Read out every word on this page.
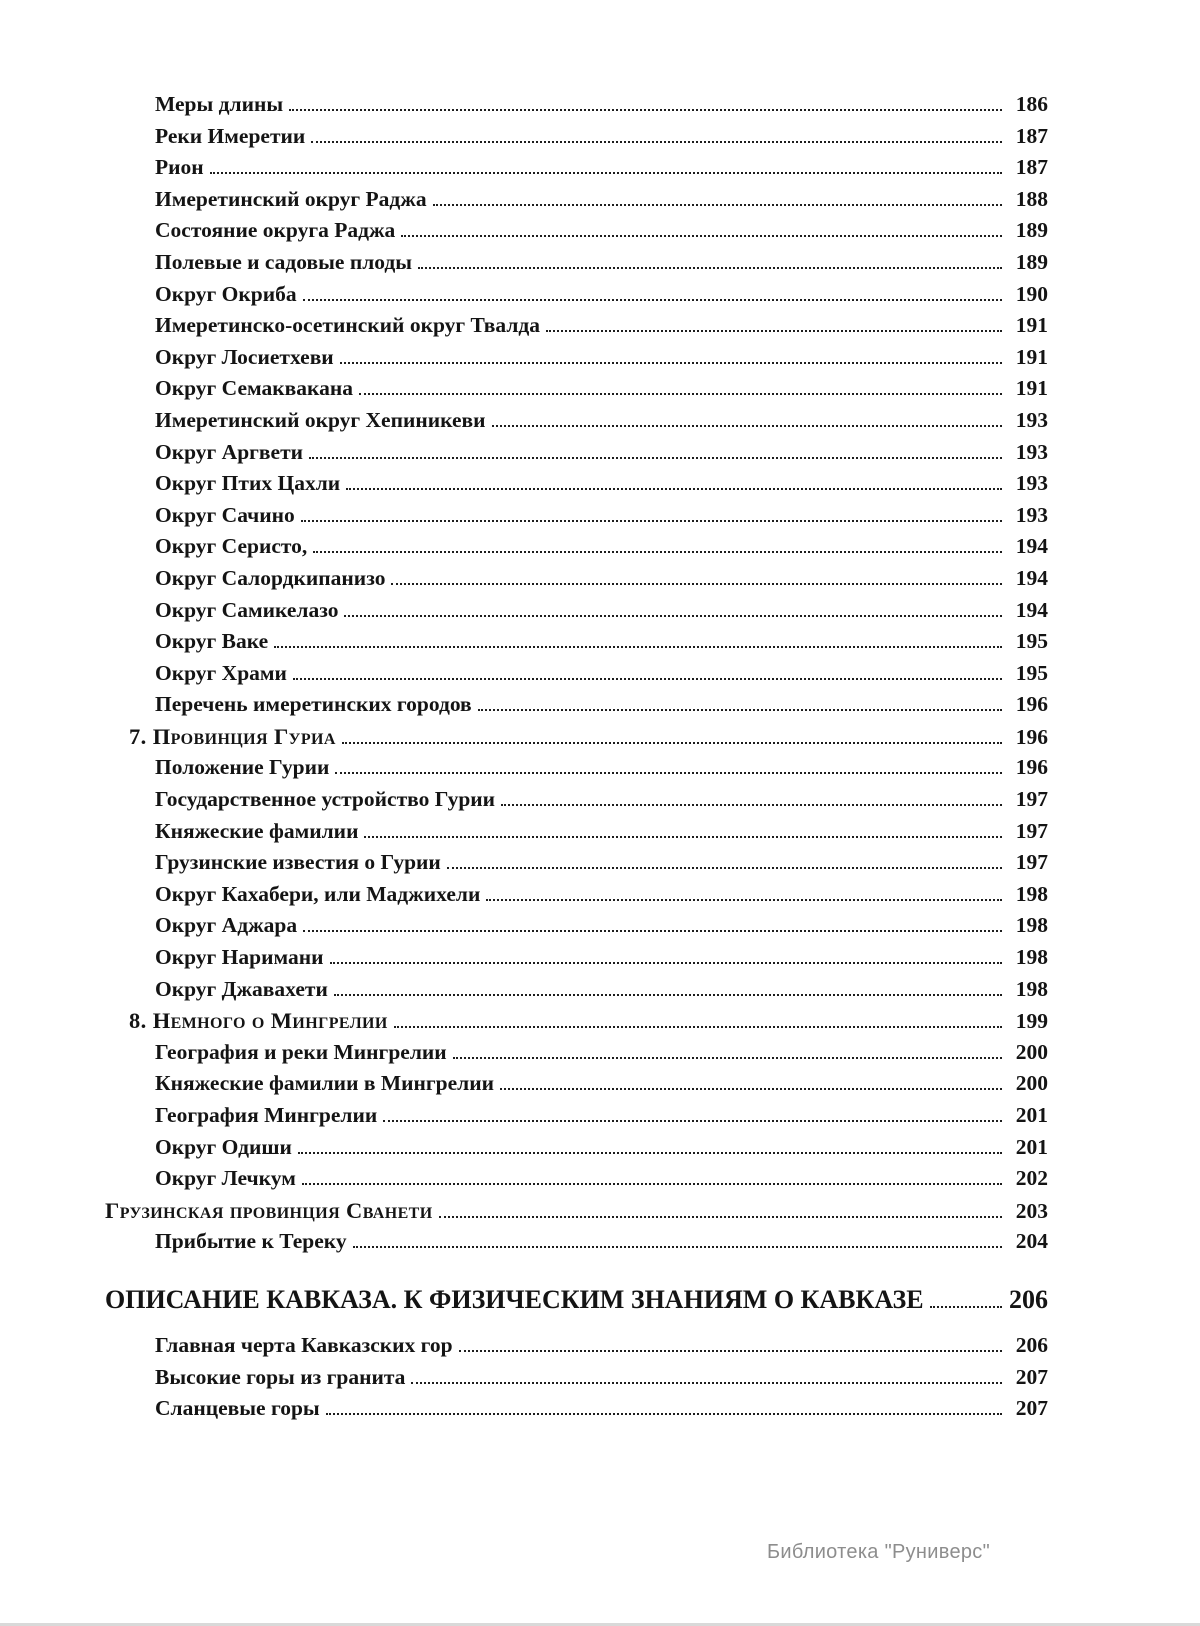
Меры длины	186
Реки Имеретии	187
Рион	187
Имеретинский округ Раджа	188
Состояние округа Раджа	189
Полевые и садовые плоды	189
Округ Окриба	190
Имеретинско-осетинский округ Твалда	191
Округ Лосиетхеви	191
Округ Семаквакана	191
Имеретинский округ Хепиникеви	193
Округ Аргвети	193
Округ Птих Цахли	193
Округ Сачино	193
Округ Серисто,	194
Округ Салордкипанизо	194
Округ Самикелазо	194
Округ Ваке	195
Округ Храми	195
Перечень имеретинских городов	196
7. Провинция Гуриа	196
Положение Гурии	196
Государственное устройство Гурии	197
Княжеские фамилии	197
Грузинские известия о Гурии	197
Округ Кахабери, или Маджихели	198
Округ Аджара	198
Округ Наримани	198
Округ Джавахети	198
8. Немного о Мингрелии	199
География и реки Мингрелии	200
Княжеские фамилии в Мингрелии	200
География Мингрелии	201
Округ Одиши	201
Округ Лечкум	202
Грузинская провинция Сванети	203
Прибытие к Тереку	204
ОПИСАНИЕ КАВКАЗА. К ФИЗИЧЕСКИМ ЗНАНИЯМ О КАВКАЗЕ	206
Главная черта Кавказских гор	206
Высокие горы из гранита	207
Сланцевые горы	207
Библиотека "Руниверс"
